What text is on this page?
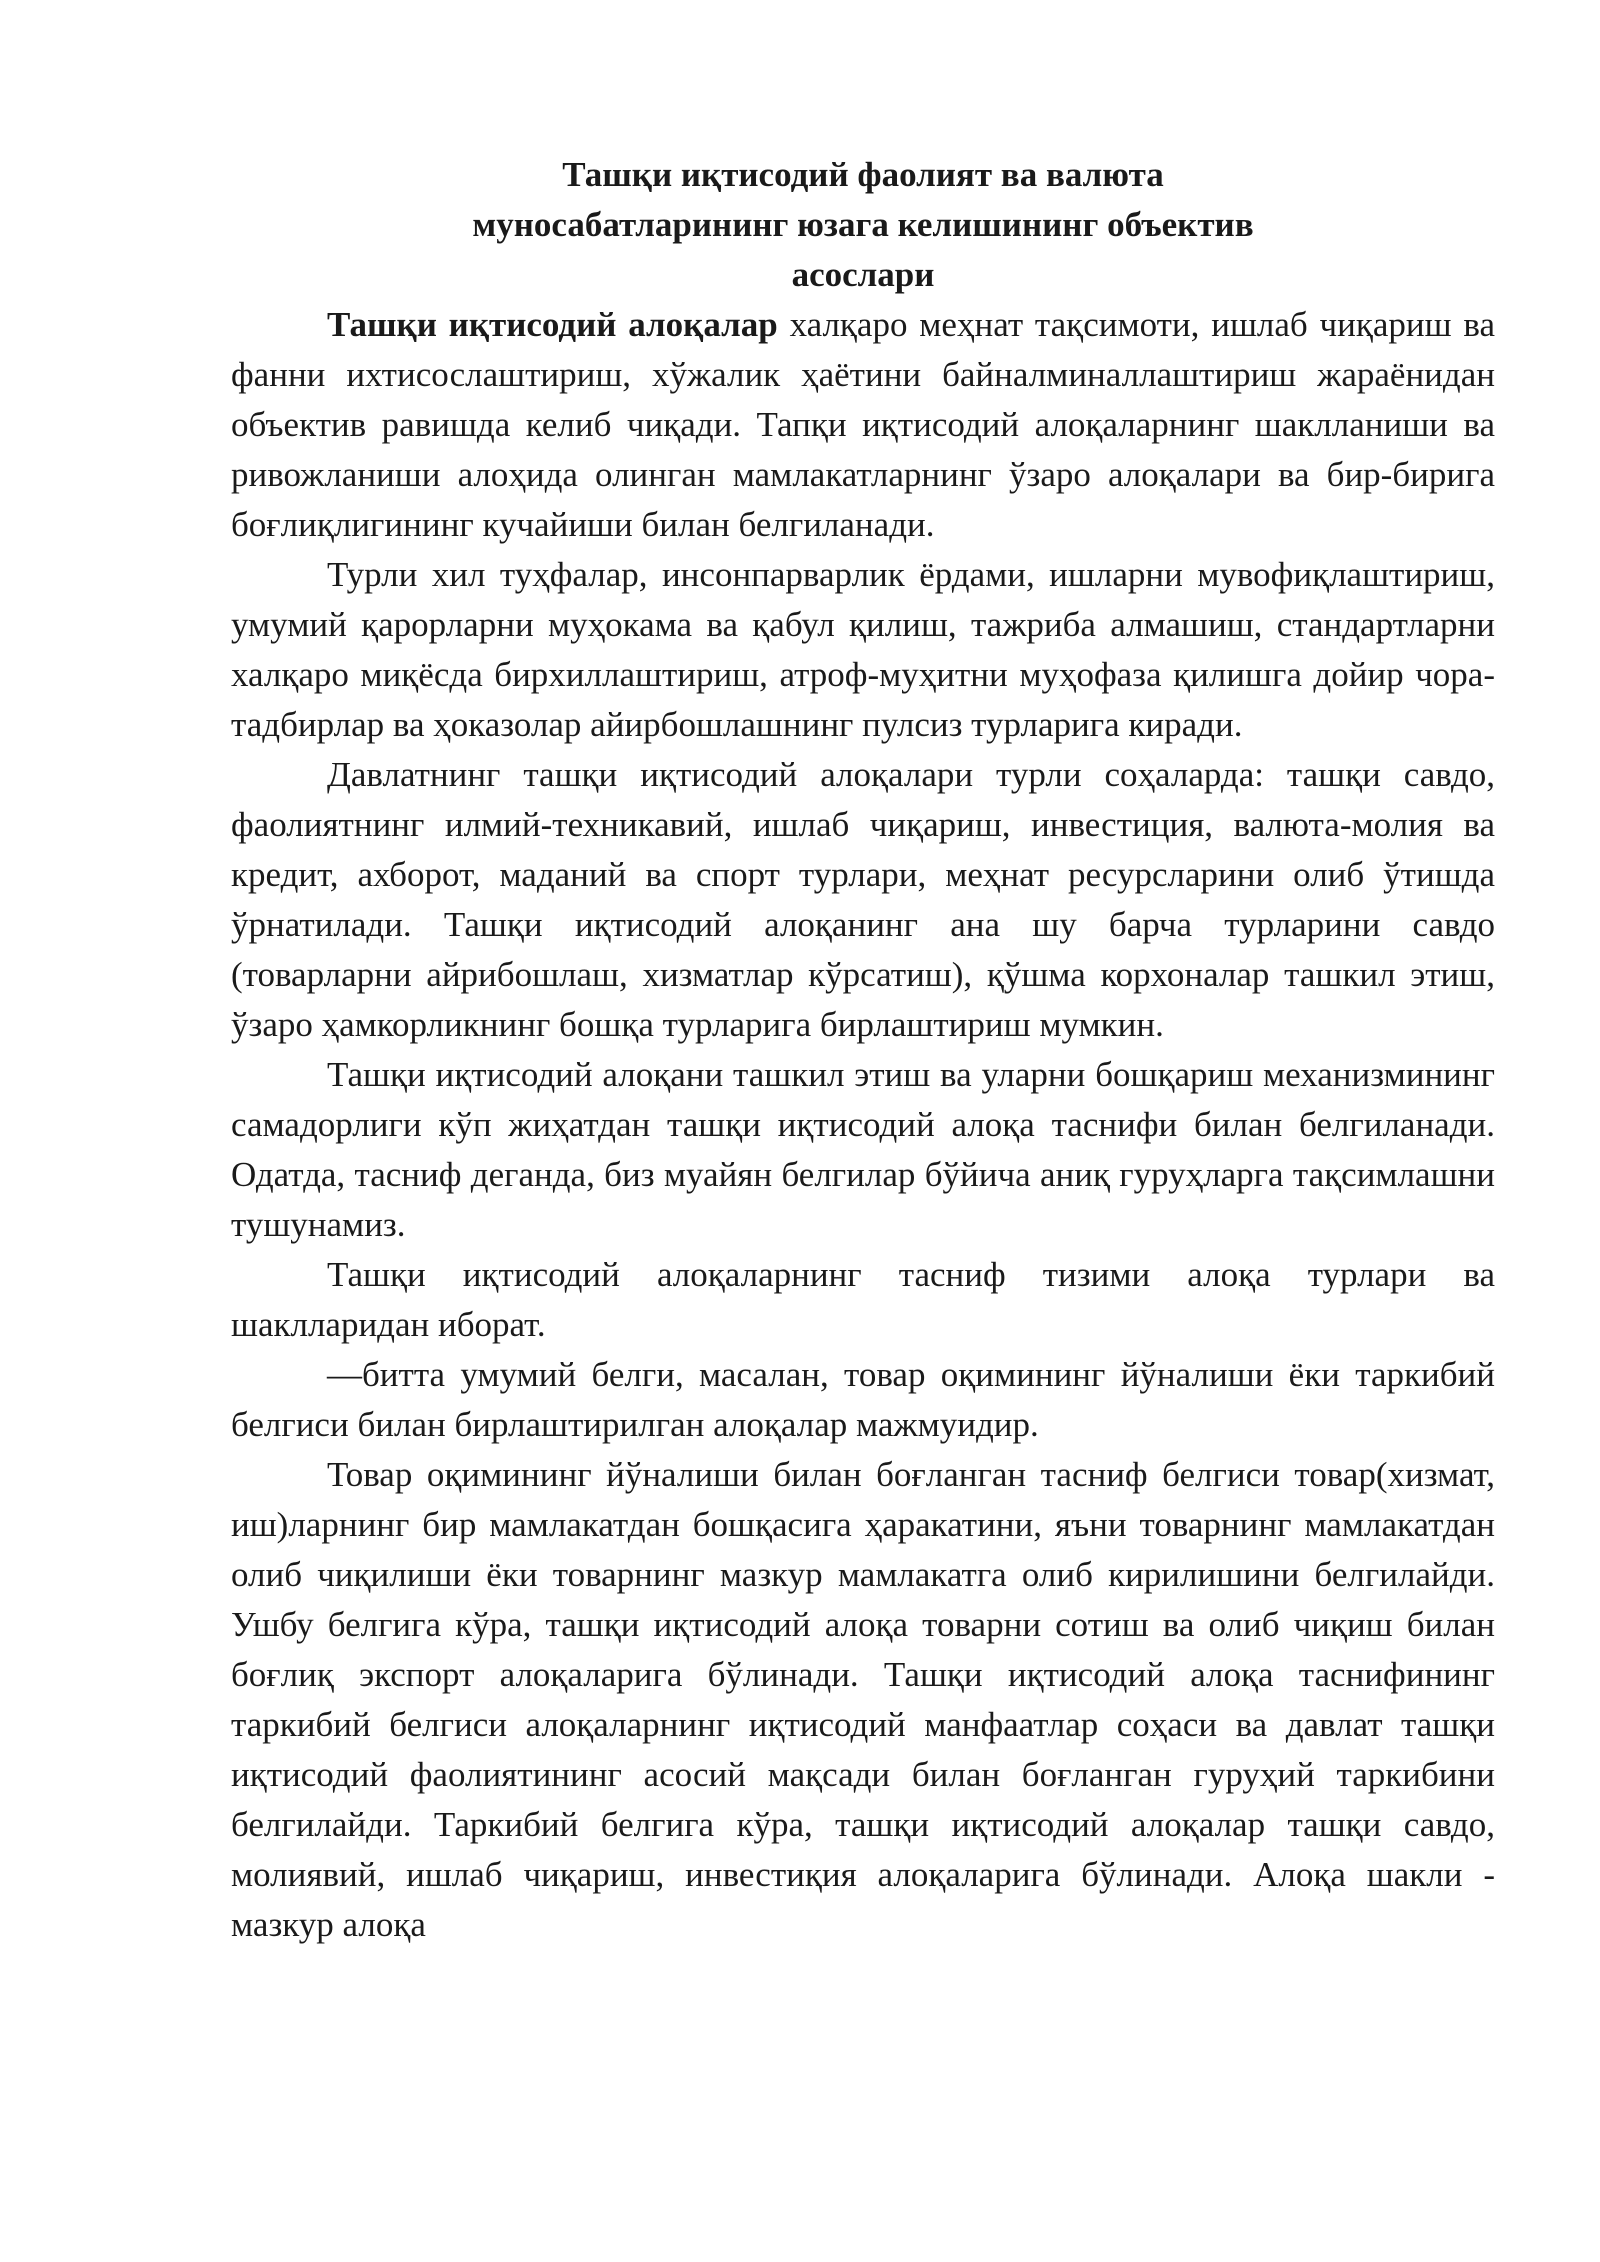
Ташқи иқтисодий фаолият ва валюта
муносабатларининг юзага келишининг объектив
асослари

Ташқи иқтисодий алоқалар халқаро меҳнат тақсимоти, ишлаб чиқариш ва фанни ихтисослаштириш, хўжалик ҳаётини байналминаллаштириш жараёнидан объектив равишда келиб чиқади. Тапқи иқтисодий алоқаларнинг шаклланиши ва ривожланиши алоҳида олинган мамлакатларнинг ўзаро алоқалари ва бир-бирига боғлиқлигининг кучайиши билан белгиланади.

Турли хил туҳфалар, инсонпарварлик ёрдами, ишларни мувофиқлаштириш, умумий қарорларни муҳокама ва қабул қилиш, тажриба алмашиш, стандартларни халқаро миқёсда бирхиллаштириш, атроф-муҳитни муҳофаза қилишга дойир чора-тадбирлар ва ҳоказолар айирбошлашнинг пулсиз турларига киради.

Давлатнинг ташқи иқтисодий алоқалари турли соҳаларда: ташқи савдо, фаолиятнинг илмий-техникавий, ишлаб чиқариш, инвестиция, валюта-молия ва кредит, ахборот, маданий ва спорт турлари, меҳнат ресурсларини олиб ўтишда ўрнатилади. Ташқи иқтисодий алоқанинг ана шу барча турларини савдо (товарларни айрибошлаш, хизматлар кўрсатиш), қўшма корхоналар ташкил этиш, ўзаро ҳамкорликнинг бошқа турларига бирлаштириш мумкин.

Ташқи иқтисодий алоқани ташкил этиш ва уларни бошқариш механизмининг самадорлиги кўп жиҳатдан ташқи иқтисодий алоқа таснифи билан белгиланади. Одатда, тасниф деганда, биз муайян белгилар бўйича аниқ гуруҳларга тақсимлашни тушунамиз.

Ташқи иқтисодий алоқаларнинг тасниф тизими алоқа турлари ва шаклларидан иборат.

—битта умумий белги, масалан, товар оқимининг йўналиши ёки таркибий белгиси билан бирлаштирилган алоқалар мажмуидир.

Товар оқимининг йўналиши билан боғланган тасниф белгиси товар(хизмат, иш)ларнинг бир мамлакатдан бошқасига ҳаракатини, яъни товарнинг мамлакатдан олиб чиқилиши ёки товарнинг мазкур мамлакатга олиб кирилишини белгилайди. Ушбу белгига кўра, ташқи иқтисодий алоқа товарни сотиш ва олиб чиқиш билан боғлиқ экспорт алоқаларига бўлинади. Ташқи иқтисодий алоқа таснифининг таркибий белгиси алоқаларнинг иқтисодий манфаатлар соҳаси ва давлат ташқи иқтисодий фаолиятининг асосий мақсади билан боғланган гуруҳий таркибини белгилайди. Таркибий белгига кўра, ташқи иқтисодий алоқалар ташқи савдо, молиявий, ишлаб чиқариш, инвестиқия алоқаларига бўлинади. Алоқа шакли - мазкур алоқа
